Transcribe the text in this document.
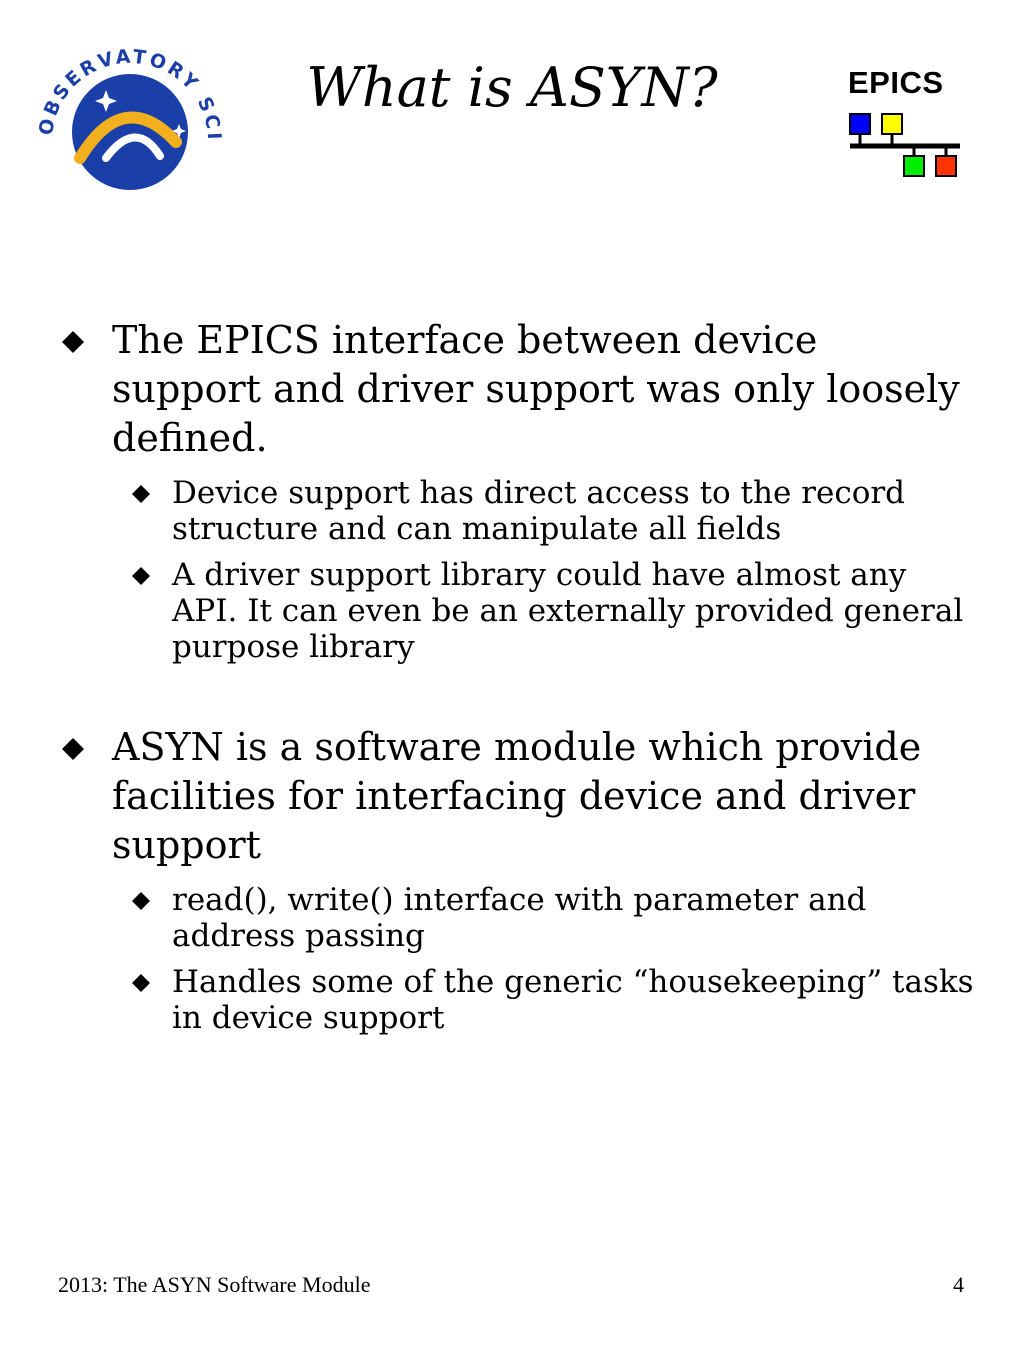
OBSERVATORY SCI
What is ASYN?	EPICS
The EPICS interface between device support and driver support was only loosely defined.
Device support has direct access to the record structure and can manipulate all fields
A driver support library could have almost any API. It can even be an externally provided general purpose library
ASYN is a software module which provide facilities for interfacing device and driver support
read(), write() interface with parameter and address passing
Handles some of the generic “housekeeping” tasks in device support
2013: The ASYN Software Module	4
